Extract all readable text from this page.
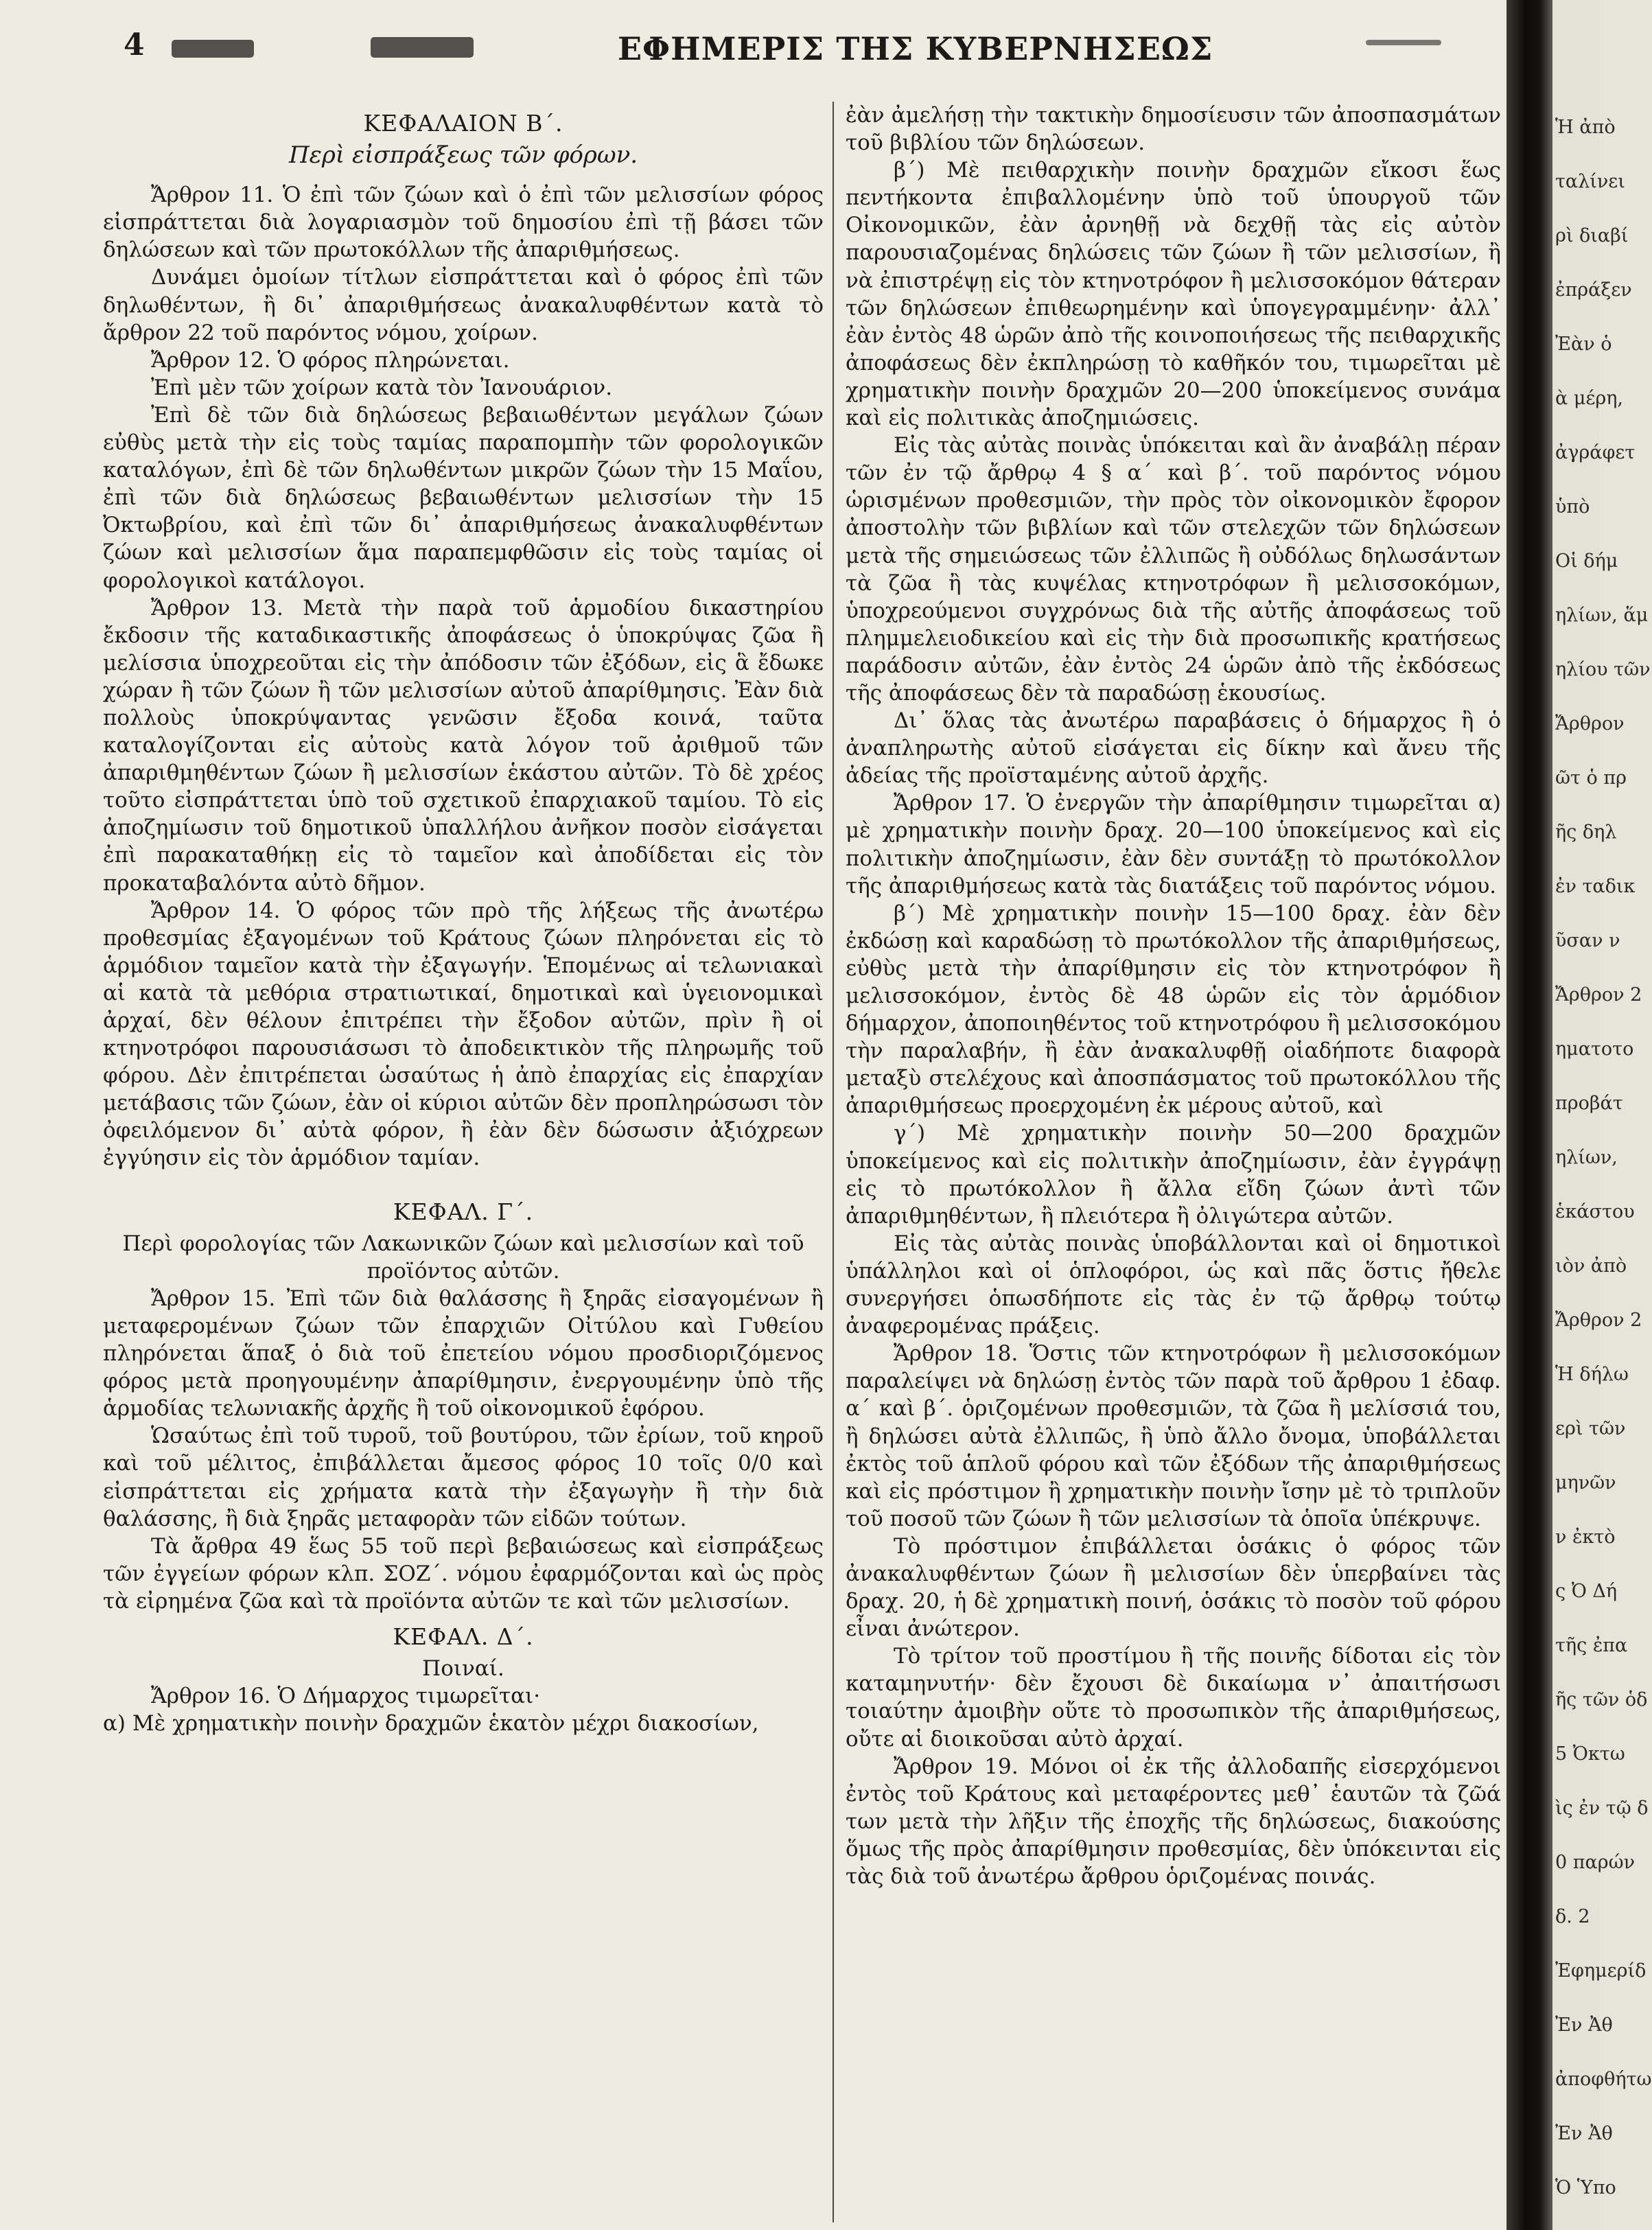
4	ΕΦΗΜΕΡΙΣ ΤΗΣ ΚΥΒΕΡΝΗΣΕΩΣ
ΚΕΦΑΛΑΙΟΝ Β΄.
Περὶ εἰσπράξεως τῶν φόρων.

Ἄρθρον 11. Ὁ ἐπὶ τῶν ζώων καὶ ὁ ἐπὶ τῶν μελισσίων φόρος εἰσπράττεται διὰ λογαριασμὸν τοῦ δημοσίου ἐπὶ τῇ βάσει τῶν δηλώσεων καὶ τῶν πρωτοκόλλων τῆς ἀπαριθμήσεως.

Δυνάμει ὁμοίων τίτλων εἰσπράττεται καὶ ὁ φόρος ἐπὶ τῶν δηλωθέντων, ἢ δι᾽ ἀπαριθμήσεως ἀνακαλυφθέντων κατὰ τὸ ἄρθρον 22 τοῦ παρόντος νόμου, χοίρων.

Ἄρθρον 12. Ὁ φόρος πληρώνεται.

Ἐπὶ μὲν τῶν χοίρων κατὰ τὸν Ἰανουάριον.

Ἐπὶ δὲ τῶν διὰ δηλώσεως βεβαιωθέντων μεγάλων ζώων εὐθὺς μετὰ τὴν εἰς τοὺς ταμίας παραπομπὴν τῶν φορολογικῶν καταλόγων, ἐπὶ δὲ τῶν δηλωθέντων μικρῶν ζώων τὴν 15 Μαΐου, ἐπὶ τῶν διὰ δηλώσεως βεβαιωθέντων μελισσίων τὴν 15 Ὀκτωβρίου, καὶ ἐπὶ τῶν δι᾽ ἀπαριθμήσεως ἀνακαλυφθέντων ζώων καὶ μελισσίων ἅμα παραπεμφθῶσιν εἰς τοὺς ταμίας οἱ φορολογικοὶ κατάλογοι.

Ἄρθρον 13. Μετὰ τὴν παρὰ τοῦ ἁρμοδίου δικαστηρίου ἔκδοσιν τῆς καταδικαστικῆς ἀποφάσεως ὁ ὑποκρύψας ζῶα ἢ μελίσσια ὑποχρεοῦται εἰς τὴν ἀπόδοσιν τῶν ἐξόδων, εἰς ἃ ἔδωκε χώραν ἢ τῶν ζώων ἢ τῶν μελισσίων αὐτοῦ ἀπαρίθμησις. Ἐὰν διὰ πολλοὺς ὑποκρύψαντας γενῶσιν ἔξοδα κοινά, ταῦτα καταλογίζονται εἰς αὐτοὺς κατὰ λόγον τοῦ ἀριθμοῦ τῶν ἀπαριθμηθέντων ζώων ἢ μελισσίων ἑκάστου αὐτῶν. Τὸ δὲ χρέος τοῦτο εἰσπράττεται ὑπὸ τοῦ σχετικοῦ ἐπαρχιακοῦ ταμίου. Τὸ εἰς ἀποζημίωσιν τοῦ δημοτικοῦ ὑπαλλήλου ἀνῆκον ποσὸν εἰσάγεται ἐπὶ παρακαταθήκῃ εἰς τὸ ταμεῖον καὶ ἀποδίδεται εἰς τὸν προκαταβαλόντα αὐτὸ δῆμον.

Ἄρθρον 14. Ὁ φόρος τῶν πρὸ τῆς λήξεως τῆς ἀνωτέρω προθεσμίας ἐξαγομένων τοῦ Κράτους ζώων πληρόνεται εἰς τὸ ἁρμόδιον ταμεῖον κατὰ τὴν ἐξαγωγήν. Ἑπομένως αἱ τελωνιακαὶ αἱ κατὰ τὰ μεθόρια στρατιωτικαί, δημοτικαὶ καὶ ὑγειονομικαὶ ἀρχαί, δὲν θέλουν ἐπιτρέπει τὴν ἔξοδον αὐτῶν, πρὶν ἢ οἱ κτηνοτρόφοι παρουσιάσωσι τὸ ἀποδεικτικὸν τῆς πληρωμῆς τοῦ φόρου. Δὲν ἐπιτρέπεται ὡσαύτως ἡ ἀπὸ ἐπαρχίας εἰς ἐπαρχίαν μετάβασις τῶν ζώων, ἐὰν οἱ κύριοι αὐτῶν δὲν προπληρώσωσι τὸν ὀφειλόμενον δι᾽ αὐτὰ φόρον, ἢ ἐὰν δὲν δώσωσιν ἀξιόχρεων ἐγγύησιν εἰς τὸν ἁρμόδιον ταμίαν.

ΚΕΦΑΛ. Γ΄.

Περὶ φορολογίας τῶν Λακωνικῶν ζώων καὶ μελισσίων καὶ τοῦ προϊόντος αὐτῶν.

Ἄρθρον 15. Ἐπὶ τῶν διὰ θαλάσσης ἢ ξηρᾶς εἰσαγομένων ἢ μεταφερομένων ζώων τῶν ἐπαρχιῶν Οἰτύλου καὶ Γυθείου πληρόνεται ἅπαξ ὁ διὰ τοῦ ἐπετείου νόμου προσδιοριζόμενος φόρος μετὰ προηγουμένην ἀπαρίθμησιν, ἐνεργουμένην ὑπὸ τῆς ἁρμοδίας τελωνιακῆς ἀρχῆς ἢ τοῦ οἰκονομικοῦ ἐφόρου.

Ὡσαύτως ἐπὶ τοῦ τυροῦ, τοῦ βουτύρου, τῶν ἐρίων, τοῦ κηροῦ καὶ τοῦ μέλιτος, ἐπιβάλλεται ἄμεσος φόρος 10 τοῖς 0/0 καὶ εἰσπράττεται εἰς χρήματα κατὰ τὴν ἐξαγωγὴν ἢ τὴν διὰ θαλάσσης, ἢ διὰ ξηρᾶς μεταφορὰν τῶν εἰδῶν τούτων.

Τὰ ἄρθρα 49 ἕως 55 τοῦ περὶ βεβαιώσεως καὶ εἰσπράξεως τῶν ἐγγείων φόρων κλπ. ΣΟΖ΄. νόμου ἐφαρμόζονται καὶ ὡς πρὸς τὰ εἰρημένα ζῶα καὶ τὰ προϊόντα αὐτῶν τε καὶ τῶν μελισσίων.

ΚΕΦΑΛ. Δ΄.

Ποιναί.

Ἄρθρον 16. Ὁ Δήμαρχος τιμωρεῖται·

α) Μὲ χρηματικὴν ποινὴν δραχμῶν ἑκατὸν μέχρι διακοσίων,

ἐὰν ἀμελήσῃ τὴν τακτικὴν δημοσίευσιν τῶν ἀποσπασμάτων τοῦ βιβλίου τῶν δηλώσεων.

β΄) Μὲ πειθαρχικὴν ποινὴν δραχμῶν εἴκοσι ἕως πεντήκοντα ἐπιβαλλομένην ὑπὸ τοῦ ὑπουργοῦ τῶν Οἰκονομικῶν, ἐὰν ἀρνηθῇ νὰ δεχθῇ τὰς εἰς αὐτὸν παρουσιαζομένας δηλώσεις τῶν ζώων ἢ τῶν μελισσίων, ἢ νὰ ἐπιστρέψῃ εἰς τὸν κτηνοτρόφον ἢ μελισσοκόμον θάτεραν τῶν δηλώσεων ἐπιθεωρημένην καὶ ὑπογεγραμμένην· ἀλλ᾽ ἐὰν ἐντὸς 48 ὡρῶν ἀπὸ τῆς κοινοποιήσεως τῆς πειθαρχικῆς ἀποφάσεως δὲν ἐκπληρώσῃ τὸ καθῆκόν του, τιμωρεῖται μὲ χρηματικὴν ποινὴν δραχμῶν 20—200 ὑποκείμενος συνάμα καὶ εἰς πολιτικὰς ἀποζημιώσεις.

Εἰς τὰς αὐτὰς ποινὰς ὑπόκειται καὶ ἂν ἀναβάλῃ πέραν τῶν ἐν τῷ ἄρθρῳ 4 § α΄ καὶ β΄. τοῦ παρόντος νόμου ὡρισμένων προθεσμιῶν, τὴν πρὸς τὸν οἰκονομικὸν ἔφορον ἀποστολὴν τῶν βιβλίων καὶ τῶν στελεχῶν τῶν δηλώσεων μετὰ τῆς σημειώσεως τῶν ἐλλιπῶς ἢ οὐδόλως δηλωσάντων τὰ ζῶα ἢ τὰς κυψέλας κτηνοτρόφων ἢ μελισσοκόμων, ὑποχρεούμενοι συγχρόνως διὰ τῆς αὐτῆς ἀποφάσεως τοῦ πλημμελειοδικείου καὶ εἰς τὴν διὰ προσωπικῆς κρατήσεως παράδοσιν αὐτῶν, ἐὰν ἐντὸς 24 ὡρῶν ἀπὸ τῆς ἐκδόσεως τῆς ἀποφάσεως δὲν τὰ παραδώσῃ ἑκουσίως.

Δι᾽ ὅλας τὰς ἀνωτέρω παραβάσεις ὁ δήμαρχος ἢ ὁ ἀναπληρωτὴς αὐτοῦ εἰσάγεται εἰς δίκην καὶ ἄνευ τῆς ἀδείας τῆς προϊσταμένης αὐτοῦ ἀρχῆς.

Ἄρθρον 17. Ὁ ἐνεργῶν τὴν ἀπαρίθμησιν τιμωρεῖται α) μὲ χρηματικὴν ποινὴν δραχ. 20—100 ὑποκείμενος καὶ εἰς πολιτικὴν ἀποζημίωσιν, ἐὰν δὲν συντάξῃ τὸ πρωτόκολλον τῆς ἀπαριθμήσεως κατὰ τὰς διατάξεις τοῦ παρόντος νόμου.

β΄) Μὲ χρηματικὴν ποινὴν 15—100 δραχ. ἐὰν δὲν ἐκδώσῃ καὶ καραδώσῃ τὸ πρωτόκολλον τῆς ἀπαριθμήσεως, εὐθὺς μετὰ τὴν ἀπαρίθμησιν εἰς τὸν κτηνοτρόφον ἢ μελισσοκόμον, ἐντὸς δὲ 48 ὡρῶν εἰς τὸν ἁρμόδιον δήμαρχον, ἀποποιηθέντος τοῦ κτηνοτρόφου ἢ μελισσοκόμου τὴν παραλαβήν, ἢ ἐὰν ἀνακαλυφθῇ οἱαδήποτε διαφορὰ μεταξὺ στελέχους καὶ ἀποσπάσματος τοῦ πρωτοκόλλου τῆς ἀπαριθμήσεως προερχομένη ἐκ μέρους αὐτοῦ, καὶ

γ΄) Μὲ χρηματικὴν ποινὴν 50—200 δραχμῶν ὑποκείμενος καὶ εἰς πολιτικὴν ἀποζημίωσιν, ἐὰν ἐγγράψῃ εἰς τὸ πρωτόκολλον ἢ ἄλλα εἴδη ζώων ἀντὶ τῶν ἀπαριθμηθέντων, ἢ πλειότερα ἢ ὀλιγώτερα αὐτῶν.

Εἰς τὰς αὐτὰς ποινὰς ὑποβάλλονται καὶ οἱ δημοτικοὶ ὑπάλληλοι καὶ οἱ ὁπλοφόροι, ὡς καὶ πᾶς ὅστις ἤθελε συνεργήσει ὁπωσδήποτε εἰς τὰς ἐν τῷ ἄρθρῳ τούτῳ ἀναφερομένας πράξεις.

Ἄρθρον 18. Ὅστις τῶν κτηνοτρόφων ἢ μελισσοκόμων παραλείψει νὰ δηλώσῃ ἐντὸς τῶν παρὰ τοῦ ἄρθρου 1 ἐδαφ. α΄ καὶ β΄. ὁριζομένων προθεσμιῶν, τὰ ζῶα ἢ μελίσσιά του, ἢ δηλώσει αὐτὰ ἐλλιπῶς, ἢ ὑπὸ ἄλλο ὄνομα, ὑποβάλλεται ἐκτὸς τοῦ ἁπλοῦ φόρου καὶ τῶν ἐξόδων τῆς ἀπαριθμήσεως καὶ εἰς πρόστιμον ἢ χρηματικὴν ποινὴν ἴσην μὲ τὸ τριπλοῦν τοῦ ποσοῦ τῶν ζώων ἢ τῶν μελισσίων τὰ ὁποῖα ὑπέκρυψε.

Τὸ πρόστιμον ἐπιβάλλεται ὁσάκις ὁ φόρος τῶν ἀνακαλυφθέντων ζώων ἢ μελισσίων δὲν ὑπερβαίνει τὰς δραχ. 20, ἡ δὲ χρηματικὴ ποινή, ὁσάκις τὸ ποσὸν τοῦ φόρου εἶναι ἀνώτερον.

Τὸ τρίτον τοῦ προστίμου ἢ τῆς ποινῆς δίδοται εἰς τὸν καταμηνυτήν· δὲν ἔχουσι δὲ δικαίωμα ν᾽ ἀπαιτήσωσι τοιαύτην ἀμοιβὴν οὔτε τὸ προσωπικὸν τῆς ἀπαριθμήσεως, οὔτε αἱ διοικοῦσαι αὐτὸ ἀρχαί.

Ἄρθρον 19. Μόνοι οἱ ἐκ τῆς ἀλλοδαπῆς εἰσερχόμενοι ἐντὸς τοῦ Κράτους καὶ μεταφέροντες μεθ᾽ ἑαυτῶν τὰ ζῶά των μετὰ τὴν λῆξιν τῆς ἐποχῆς τῆς δηλώσεως, διακούσης ὅμως τῆς πρὸς ἀπαρίθμησιν προθεσμίας, δὲν ὑπόκεινται εἰς τὰς διὰ τοῦ ἀνωτέρω ἄρθρου ὁριζομένας ποινάς.

Ἡ ἀπὸ
ταλίνει
ρὶ διαβί
ἐπράξεν
Ἐὰν ὁ
ὰ μέρη,
ἀγράφετ
ὑπὸ
Οἱ δήμ
ηλίων, ἅμ
ηλίου τῶν
Ἄρθρον
ῶτ ὁ πρ
ῆς δηλ
ἐν ταδικ
ῦσαν ν
Ἄρθρον 2
ηματοτο
προβάτ
ηλίων,
ἑκάστου
ιὸν ἀπὸ
Ἄρθρον 2
Ἡ δήλω
ερὶ τῶν
μηνῶν
ν ἐκτὸ
ς Ὀ Δή
τῆς ἐπα
ῆς τῶν ὁδ
5 Ὀκτω
ὶς ἐν τῷ δ
0 παρών
δ. 2
Ἐφημερίδ
Ἐν Ἀθ
ἀποφθήτω
Ἐν Ἀθ
Ὁ Ὑπο
